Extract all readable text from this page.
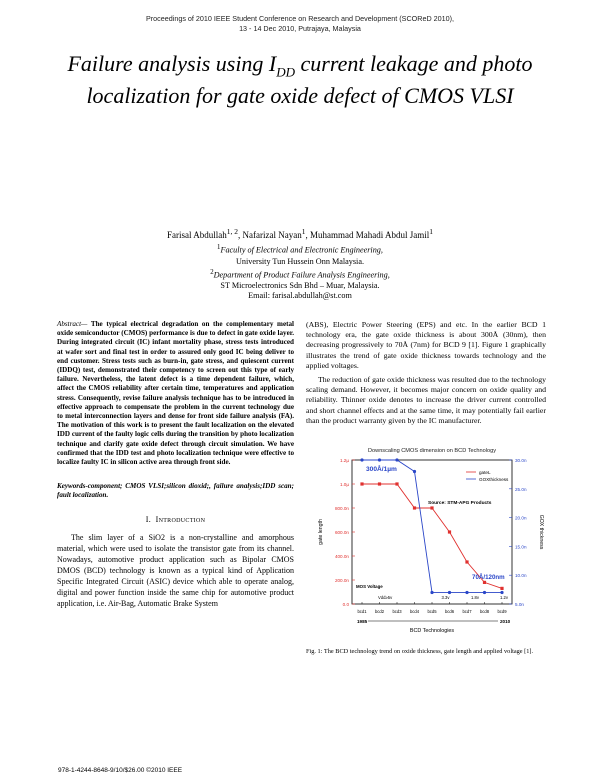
Proceedings of 2010 IEEE Student Conference on Research and Development (SCOReD 2010),
13 - 14 Dec 2010, Putrajaya, Malaysia
Failure analysis using $I_{DD}$ current leakage and photo localization for gate oxide defect of CMOS VLSI
Farisal Abdullah$^{1, 2}$, Nafarizal Nayan$^1$, Muhammad Mahadi Abdul Jamil$^1$
$^1$Faculty of Electrical and Electronic Engineering,
University Tun Hussein Onn Malaysia.
$^2$Department of Product Failure Analysis Engineering,
ST Microelectronics Sdn Bhd – Muar, Malaysia.
Email: farisal.abdullah@st.com
Abstract— The typical electrical degradation on the complementary metal oxide semiconductor (CMOS) performance is due to defect in gate oxide layer. During integrated circuit (IC) infant mortality phase, stress tests introduced at wafer sort and final test in order to assured only good IC being deliver to end customer. Stress tests such as burn-in, gate stress, and quiescent current (IDDQ) test, demonstrated their competency to screen out this type of early failure. Nevertheless, the latent defect is a time dependent failure, which, affect the CMOS reliability after certain time, temperatures and application stress. Consequently, revise failure analysis technique has to be introduced in effective approach to compensate the problem in the current technology due to metal interconnection layers and dense for front side failure analysis (FA). The motivation of this work is to present the fault localization on the elevated IDD current of the faulty logic cells during the transition by photo localization technique and clarify gate oxide defect through circuit simulation. We have confirmed that the IDD test and photo localization technique were effective to localize faulty IC in silicon active area through front side.
Keywords-component; CMOS VLSI;silicon dioxid;, failure analysis;IDD scan; fault localization.
I. Introduction
The slim layer of a SiO2 is a non-crystalline and amorphous material, which were used to isolate the transistor gate from its channel. Nowadays, automotive product application such as Bipolar CMOS DMOS (BCD) technology is known as a typical kind of Application Specific Integrated Circuit (ASIC) device which able to operate analog, digital and power function inside the same chip for automotive product application, i.e. Air-Bag, Automatic Brake System

(ABS), Electric Power Steering (EPS) and etc. In the earlier BCD 1 technology era, the gate oxide thickness is about 300Å (30nm), then decreasing progressively to 70Å (7nm) for BCD 9 [1]. Figure 1 graphically illustrates the trend of gate oxide thickness towards technology and the applied voltages.

The reduction of gate oxide thickness was resulted due to the technology scaling demand. However, it becomes major concern on oxide quality and reliability. Thinner oxide denotes to increase the driver current controlled and short channel effects and at the same time, it may potentially fail earlier than the product warranty given by the IC manufacturer.

Downscaling CMOS dimension on BCD Technology
0.0
200.0n
400.0n
600.0n
800.0n
1.0µ
1.2µ
gate length
5.0n
10.0n
15.0n
20.0n
25.0n
30.0n
GOX thickness
bcd1 bcd2 bcd3 bcd4 bcd5 bcd6 bcd7 bcd8 bcd9
1985	2010
BCD Technologies
gateL
GOXthickness
300Å/1µm
70Å/120nm
Source: STM-APG Products
MOS Voltage
Vdd≥5v	3.3v	1.8v	1.2v
Fig. 1: The BCD technology trend on oxide thickness, gate length and applied voltage [1].
978-1-4244-8648-9/10/$26.00 ©2010 IEEE
